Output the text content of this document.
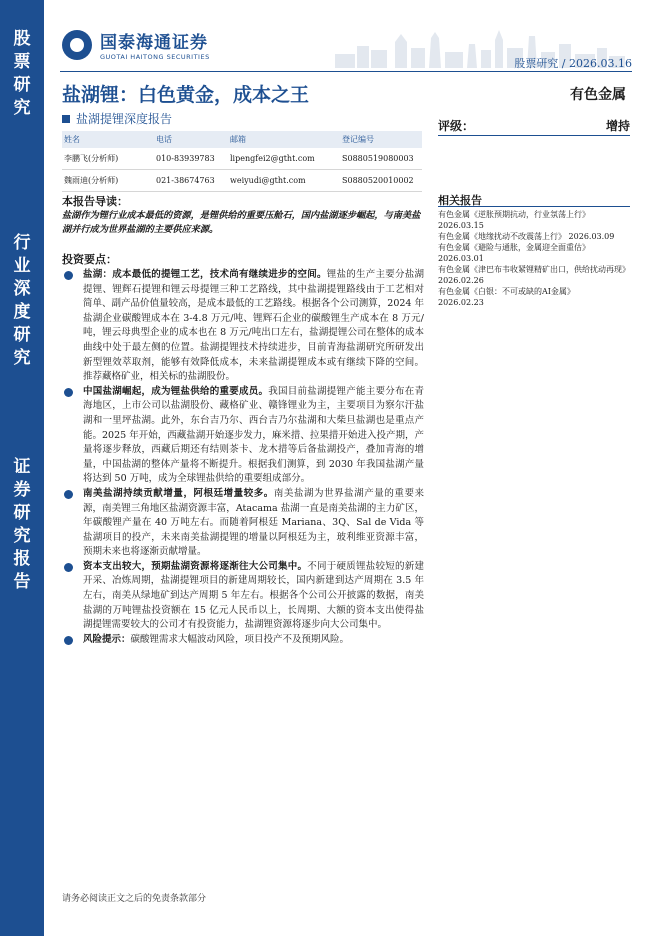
股
票
研
究
行
业
深
度
研
究
证
券
研
究
报
告
国泰海通证券
GUOTAI HAITONG SECURITIES	股票研究 / 2026.03.16
盐湖锂：白色黄金，成本之王	有色金属
盐湖提锂深度报告
姓名	电话	邮箱	登记编号
李鹏飞(分析师)	010-83939783	lipengfei2@gtht.com	S0880519080003
魏雨迪(分析师)	021-38674763	weiyudi@gtht.com	S0880520010002
评级：	增持
相关报告
有色金属《逆胀预期抗动，行业氛荡上行》
2026.03.15
有色金属《地缘扰动不改震荡上行》 2026.03.09
有色金属《避险与通胀，金属迎全面重估》
2026.03.01
有色金属《津巴布韦收紧锂精矿出口，供给扰动再现》 2026.02.26
有色金属《白银：不可或缺的AI金属》
2026.02.23
本报告导读：
盐湖作为锂行业成本最低的资源，是锂供给的重要压舱石，国内盐湖逐步崛起，与南美盐湖并行成为世界盐湖的主要供应来源。
投资要点：
盐湖：成本最低的提锂工艺，技术尚有继续进步的空间。锂盐的生产主要分盐湖提锂、锂辉石提锂和锂云母提锂三种工艺路线，其中盐湖提锂路线由于工艺相对简单、副产品价值量较高，是成本最低的工艺路线。根据各个公司测算，2024 年盐湖企业碳酸锂成本在 3-4.8 万元/吨、锂辉石企业的碳酸锂生产成本在 8 万元/吨，锂云母典型企业的成本也在 8 万元/吨出口左右，盐湖提锂公司在整体的成本曲线中处于最左侧的位置。盐湖提锂技术持续进步，目前青海盐湖研究所研发出新型锂效萃取剂，能够有效降低成本，未来盐湖提锂成本或有继续下降的空间。推荐藏格矿业，相关标的盐湖股份。
中国盐湖崛起，成为锂盐供给的重要成员。我国目前盐湖提锂产能主要分布在青海地区，上市公司以盐湖股份、藏格矿业、赣锋锂业为主，主要项目为察尔汗盐湖和一里坪盐湖。此外，东台吉乃尔、西台吉乃尔盐湖和大柴旦盐湖也是重点产能。2025 年开始，西藏盐湖开始逐步发力，麻米措、拉果措开始进入投产期，产量将逐步释放，西藏后期还有结则茶卡、龙木措等后备盐湖投产，叠加青海的增量，中国盐湖的整体产量将不断提升。根据我们测算，到 2030 年我国盐湖产量将达到 50 万吨，成为全球锂盐供给的重要组成部分。
南美盐湖持续贡献增量，阿根廷增量较多。南美盐湖为世界盐湖产量的重要来源，南美锂三角地区盐湖资源丰富，Atacama 盐湖一直是南美盐湖的主力矿区，年碳酸锂产量在 40 万吨左右。而随着阿根廷 Mariana、3Q、Sal de Vida 等盐湖项目的投产，未来南美盐湖提锂的增量以阿根廷为主，玻利维亚资源丰富，预期未来也将逐渐贡献增量。
资本支出较大，预期盐湖资源将逐渐往大公司集中。不同于硬质锂盐较短的新建开采、冶炼周期，盐湖提锂项目的新建周期较长，国内新建到达产周期在 3.5 年左右，南美从绿地矿到达产周期 5 年左右。根据各个公司公开披露的数据，南美盐湖的万吨锂盐投资额在 15 亿元人民币以上，长周期、大额的资本支出使得盐湖提锂需要较大的公司才有投资能力，盐湖锂资源将逐步向大公司集中。
风险提示：碳酸锂需求大幅波动风险，项目投产不及预期风险。
请务必阅读正文之后的免责条款部分
